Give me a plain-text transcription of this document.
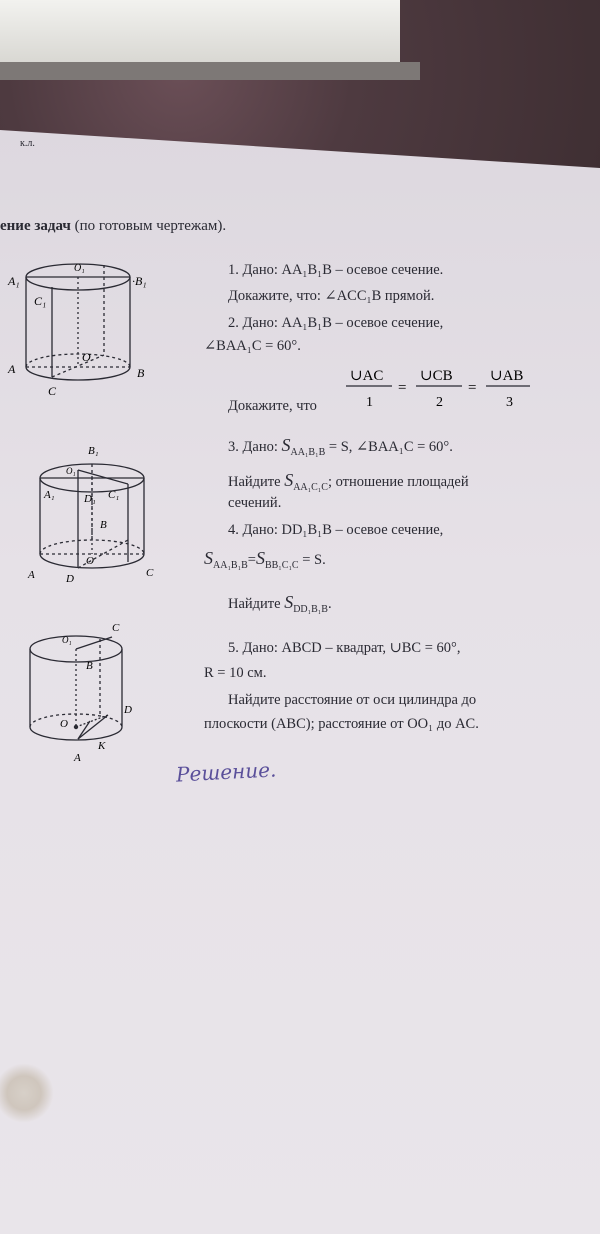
к.л.
ение задач (по готовым чертежам).
A₁
O₁
·B₁
C₁
O
A
C
B
B₁
O₁
A₁	D₁ C₁
B
O
A	D	C
C
O₁
B
D
O
A
K
1. Дано: AA₁B₁B – осевое сечение.
Докажите, что: ∠ACC₁B прямой.
2. Дано: AA₁B₁B – осевое сечение,
∠BAA₁C = 60°.
Докажите, что
∪AC
1
=
∪CB
2
=
∪AB
3
3. Дано: $S_{AA_1B_1B} = S$, ∠BAA₁C = 60°.
Найдите $S_{AA_1C_1C}$; отношение площадей
сечений.
4. Дано: DD₁B₁B – осевое сечение,
$S_{AA_1B_1B}=S_{BB_1C_1C} = S$.
Найдите $S_{DD_1B_1B}$.
5. Дано: ABCD – квадрат, ∪BC = 60°,
R = 10 см.
Найдите расстояние от оси цилиндра до
плоскости (ABC); расстояние от OO₁ до AC.
Решение.
